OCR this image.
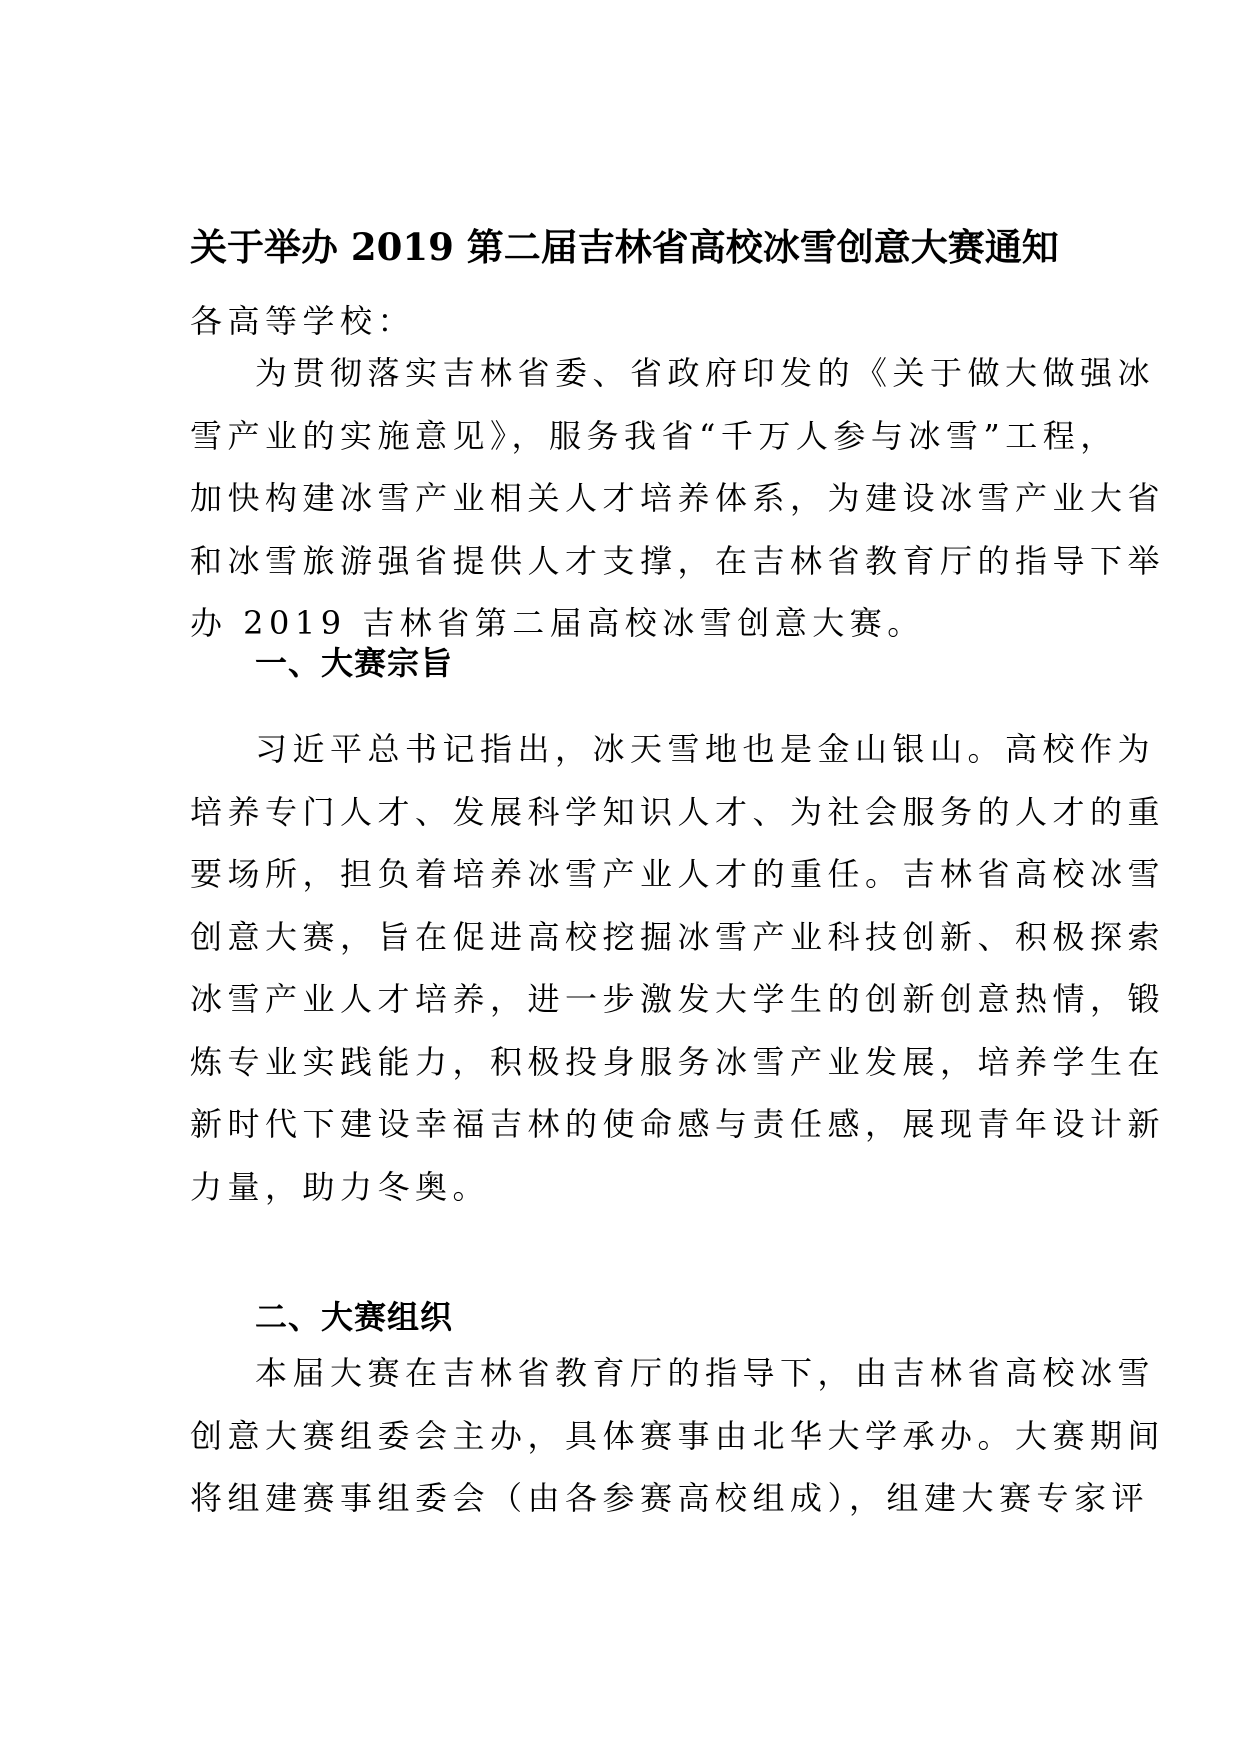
关于举办 2019 第二届吉林省高校冰雪创意大赛通知
各高等学校：
为贯彻落实吉林省委、省政府印发的《关于做大做强冰
雪产业的实施意见》，服务我省“千万人参与冰雪”工程，
加快构建冰雪产业相关人才培养体系，为建设冰雪产业大省
和冰雪旅游强省提供人才支撑，在吉林省教育厅的指导下举
办 2019 吉林省第二届高校冰雪创意大赛。
一、大赛宗旨
习近平总书记指出，冰天雪地也是金山银山。高校作为
培养专门人才、发展科学知识人才、为社会服务的人才的重
要场所，担负着培养冰雪产业人才的重任。吉林省高校冰雪
创意大赛，旨在促进高校挖掘冰雪产业科技创新、积极探索
冰雪产业人才培养，进一步激发大学生的创新创意热情，锻
炼专业实践能力，积极投身服务冰雪产业发展，培养学生在
新时代下建设幸福吉林的使命感与责任感，展现青年设计新
力量，助力冬奥。
二、大赛组织
本届大赛在吉林省教育厅的指导下，由吉林省高校冰雪
创意大赛组委会主办，具体赛事由北华大学承办。大赛期间
将组建赛事组委会（由各参赛高校组成），组建大赛专家评
